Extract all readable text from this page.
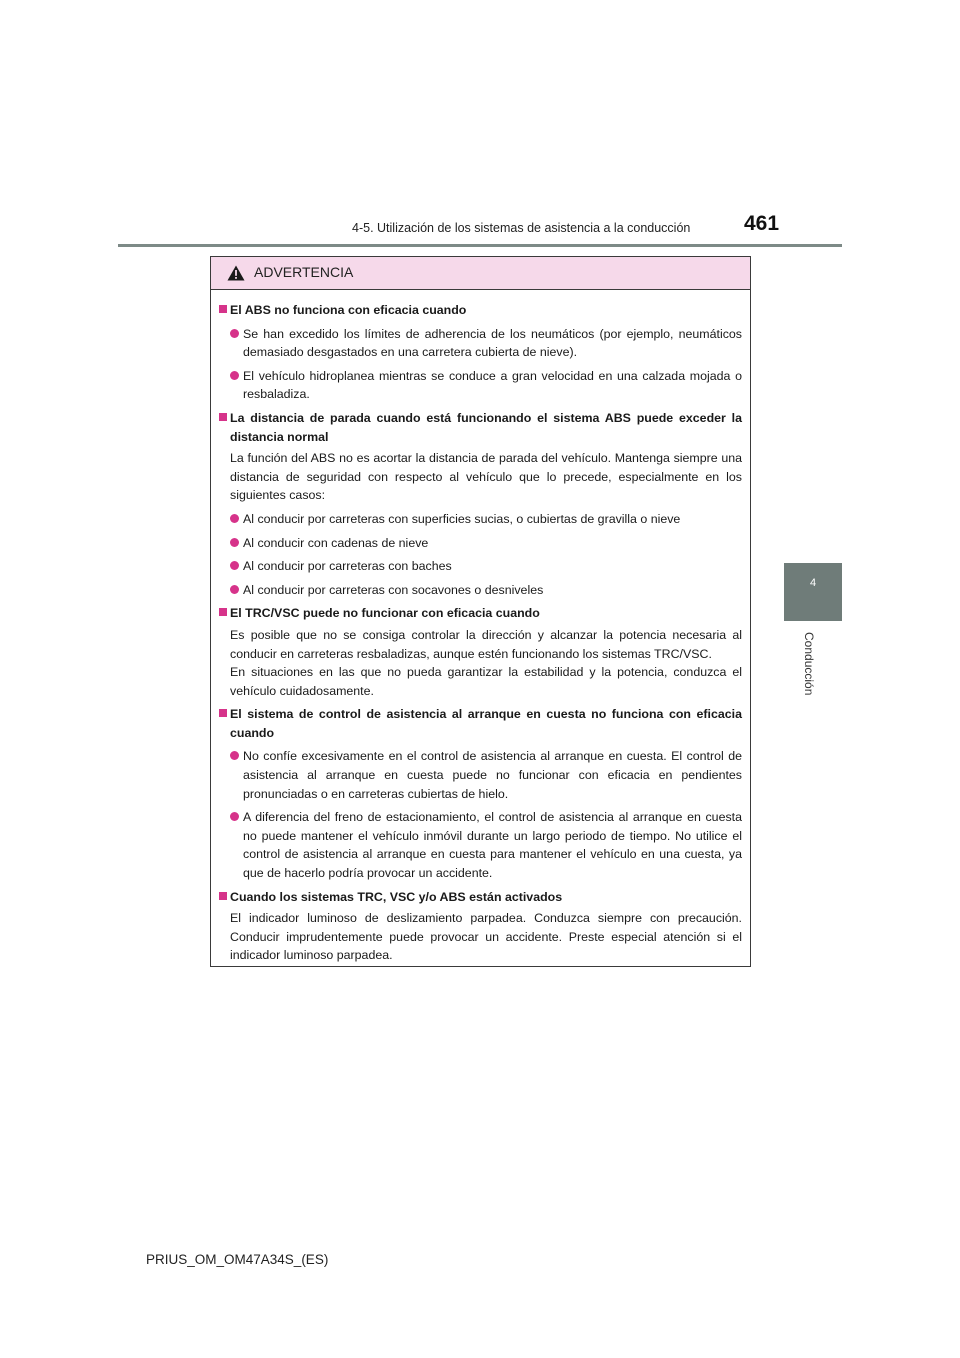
4-5. Utilización de los sistemas de asistencia a la conducción	461
4
Conducción
ADVERTENCIA
El ABS no funciona con eficacia cuando
Se han excedido los límites de adherencia de los neumáticos (por ejemplo, neumáticos demasiado desgastados en una carretera cubierta de nieve).
El vehículo hidroplanea mientras se conduce a gran velocidad en una calzada mojada o resbaladiza.
La distancia de parada cuando está funcionando el sistema ABS puede exceder la distancia normal
La función del ABS no es acortar la distancia de parada del vehículo. Mantenga siempre una distancia de seguridad con respecto al vehículo que lo precede, especialmente en los siguientes casos:
Al conducir por carreteras con superficies sucias, o cubiertas de gravilla o nieve
Al conducir con cadenas de nieve
Al conducir por carreteras con baches
Al conducir por carreteras con socavones o desniveles
El TRC/VSC puede no funcionar con eficacia cuando
Es posible que no se consiga controlar la dirección y alcanzar la potencia necesaria al conducir en carreteras resbaladizas, aunque estén funcionando los sistemas TRC/VSC.
En situaciones en las que no pueda garantizar la estabilidad y la potencia, conduzca el vehículo cuidadosamente.
El sistema de control de asistencia al arranque en cuesta no funciona con eficacia cuando
No confíe excesivamente en el control de asistencia al arranque en cuesta. El control de asistencia al arranque en cuesta puede no funcionar con eficacia en pendientes pronunciadas o en carreteras cubiertas de hielo.
A diferencia del freno de estacionamiento, el control de asistencia al arranque en cuesta no puede mantener el vehículo inmóvil durante un largo periodo de tiempo. No utilice el control de asistencia al arranque en cuesta para mantener el vehículo en una cuesta, ya que de hacerlo podría provocar un accidente.
Cuando los sistemas TRC, VSC y/o ABS están activados
El indicador luminoso de deslizamiento parpadea. Conduzca siempre con precaución. Conducir imprudentemente puede provocar un accidente. Preste especial atención si el indicador luminoso parpadea.
PRIUS_OM_OM47A34S_(ES)
